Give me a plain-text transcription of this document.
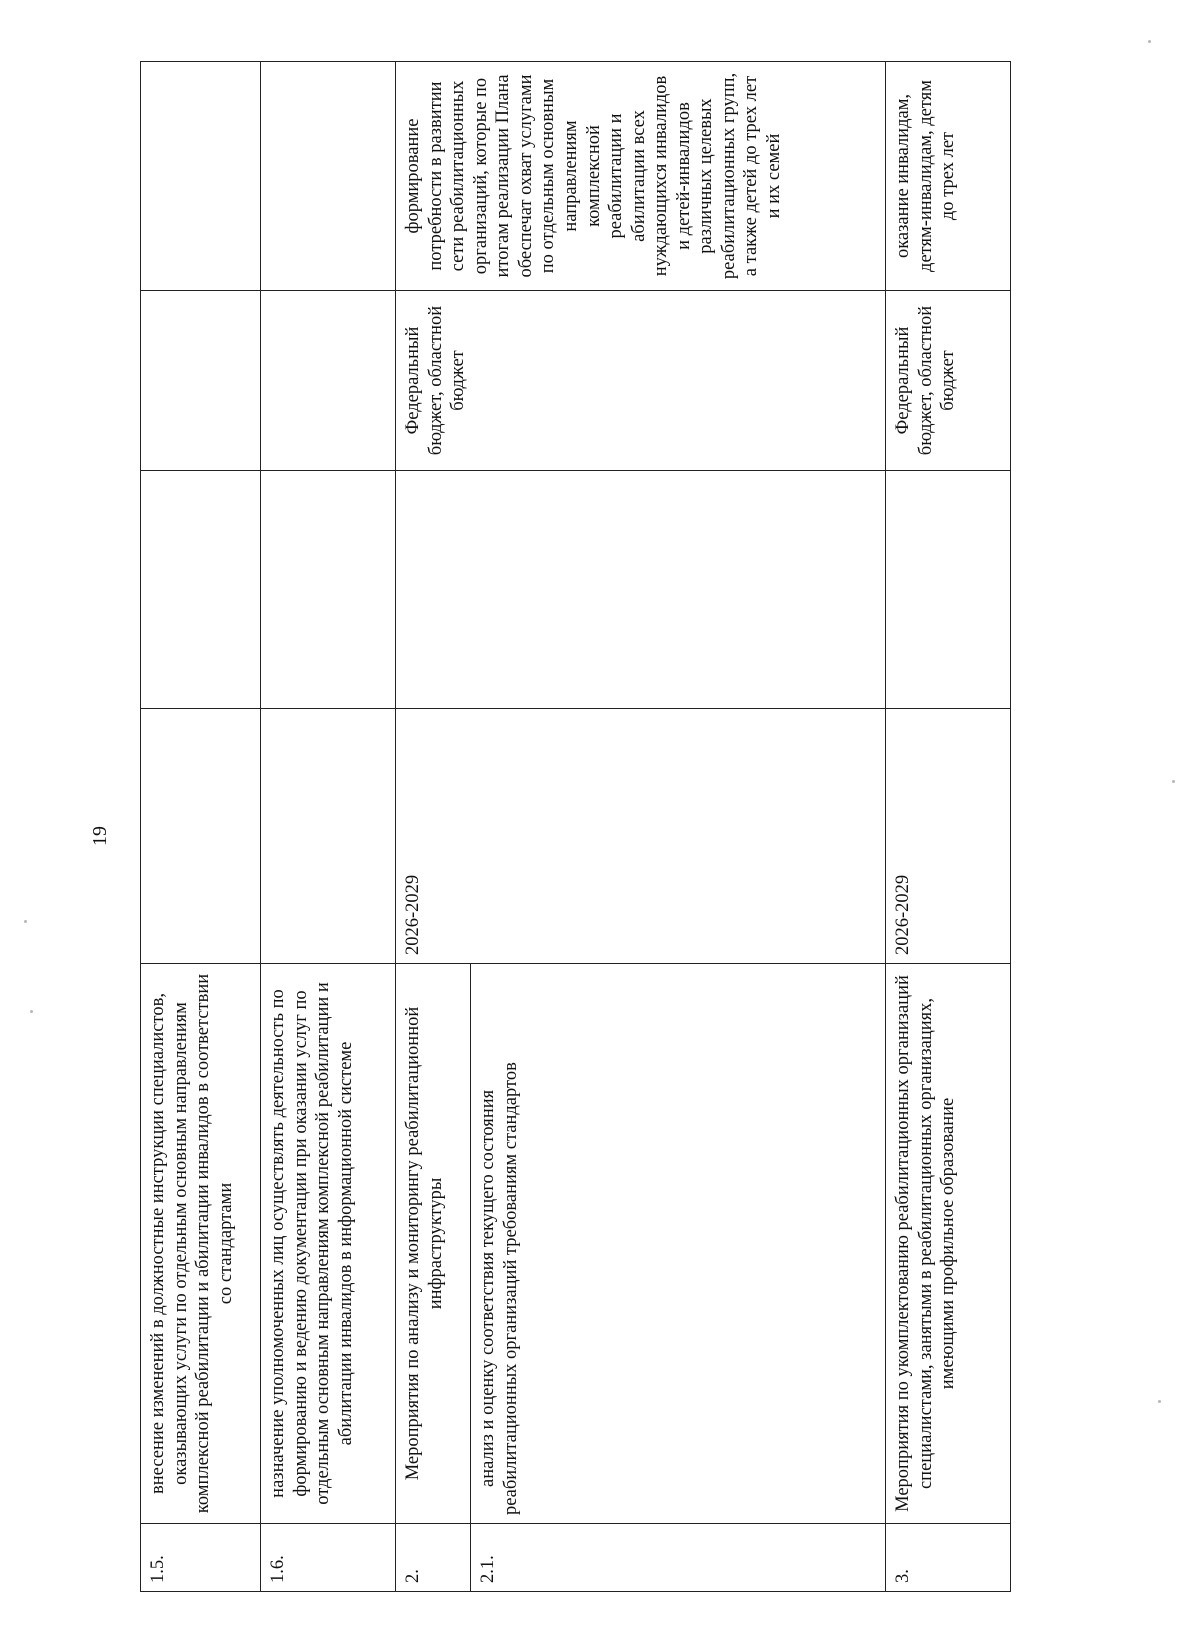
19
1.5.	внесение изменений в должностные инструкции специалистов, оказывающих услуги по отдельным основным направлениям комплексной реабилитации и абилитации инвалидов в соответствии со стандартами				
1.6.	назначение уполномоченных лиц осуществлять деятельность по формированию и ведению документации при оказании услуг по отдельным основным направлениям комплексной реабилитации и абилитации инвалидов в информационной системе				
2.	Мероприятия по анализу и мониторингу реабилитационной инфраструктуры	2026-2029		Федеральный бюджет, областной бюджет	формирование потребности в развитии сети реабилитационных организаций, которые по итогам реализации Плана обеспечат охват услугами по отдельным основным направлениям комплексной реабилитации и абилитации всех нуждающихся инвалидов и детей-инвалидов различных целевых реабилитационных групп, а также детей до трех лет и их семей
2.1.	анализ и оценку соответствия текущего состояния реабилитационных организаций требованиям стандартов				
3.	Мероприятия по укомплектованию реабилитационных организаций специалистами, занятыми в реабилитационных организациях, имеющими профильное образование	2026-2029		Федеральный бюджет, областной бюджет	оказание инвалидам, детям-инвалидам, детям до трех лет
